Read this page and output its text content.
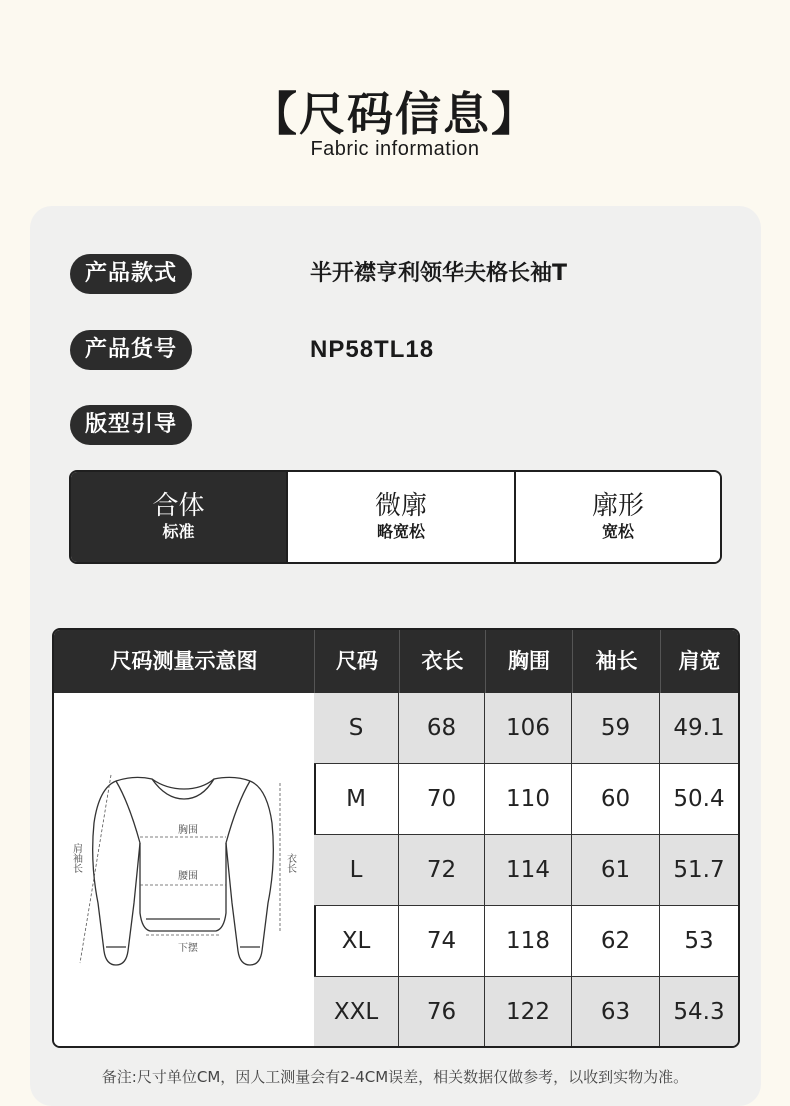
【尺码信息】
Fabric information
产品款式	半开襟亨利领华夫格长袖T
产品货号	NP58TL18
版型引导
合体
标准
微廓
略宽松
廓形
宽松
尺码测量示意图	尺码	衣长	胸围	袖长	肩宽
胸围
腰围
下摆
肩袖长	衣长
S	68	106	59	49.1
M	70	110	60	50.4
L	72	114	61	51.7
XL	74	118	62	53
XXL	76	122	63	54.3
备注:尺寸单位CM，因人工测量会有2-4CM误差，相关数据仅做参考，以收到实物为准。
